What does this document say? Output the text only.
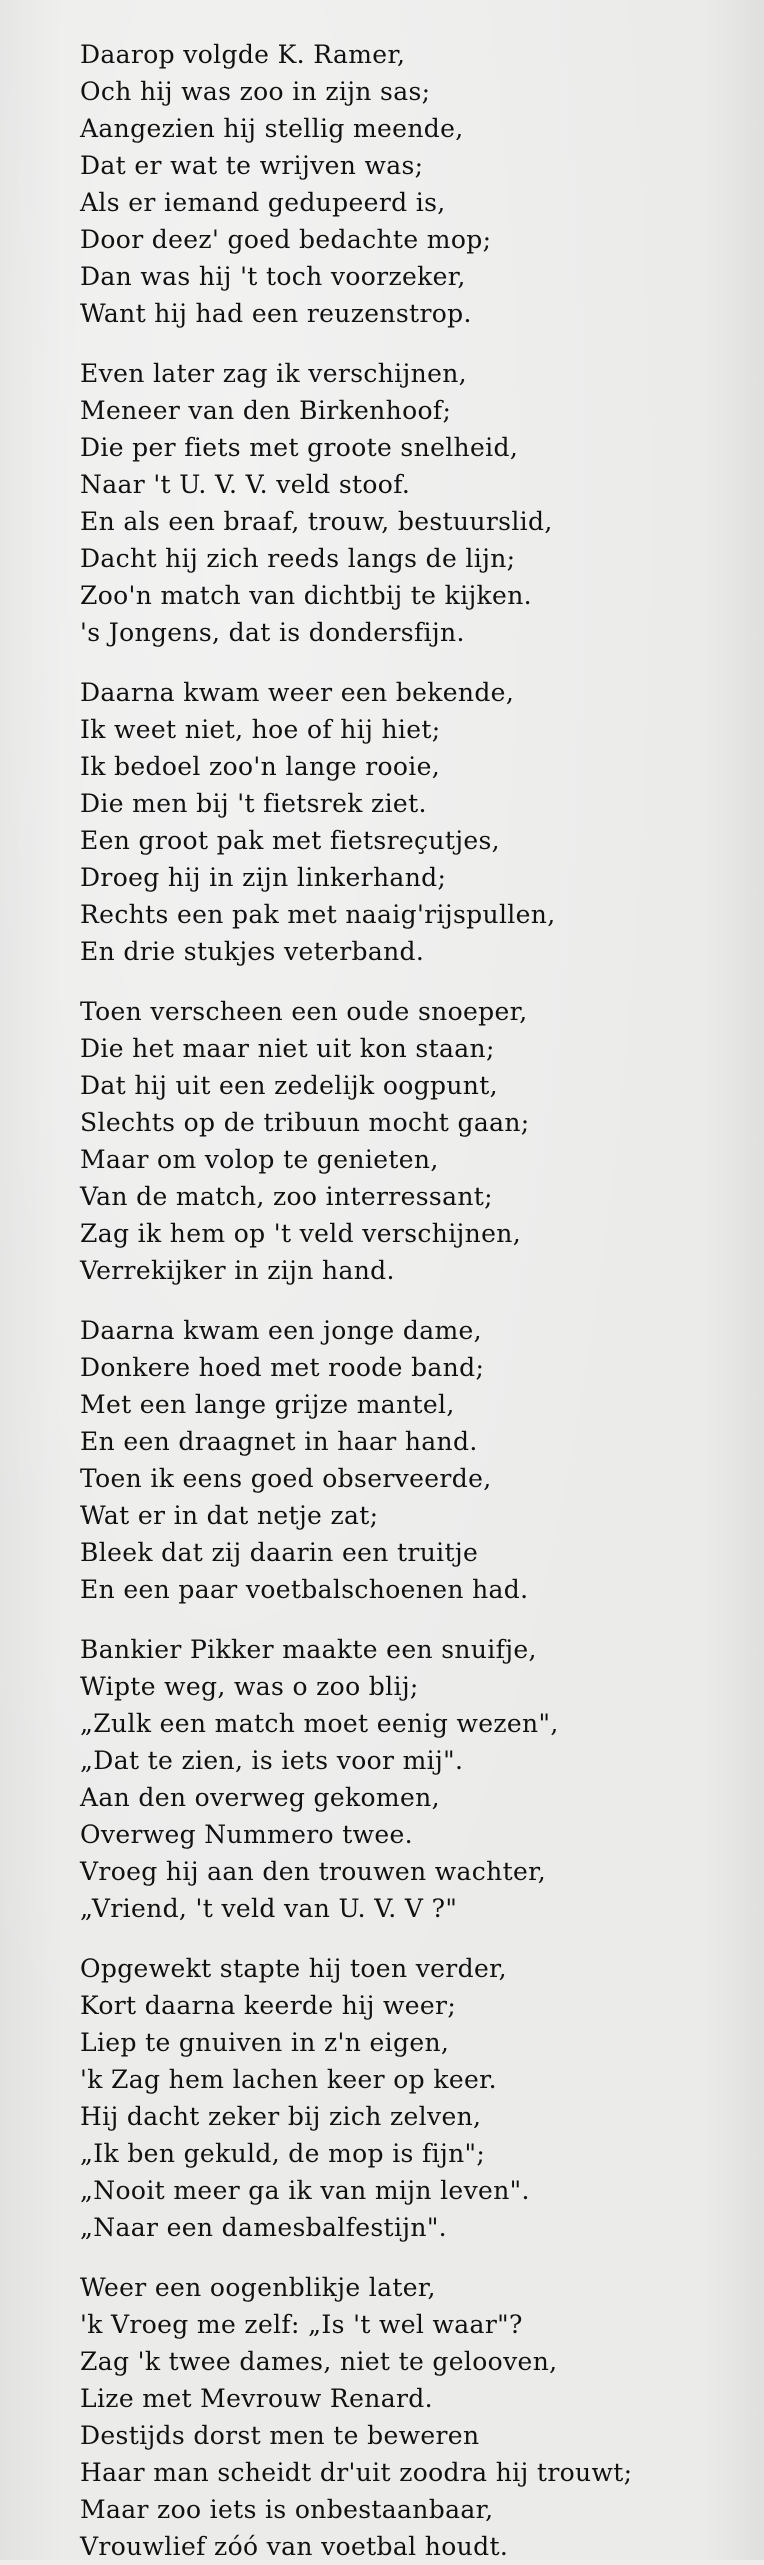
Daarop volgde K. Ramer,
Och hij was zoo in zijn sas;
Aangezien hij stellig meende,
Dat er wat te wrijven was;
Als er iemand gedupeerd is,
Door deez' goed bedachte mop;
Dan was hij 't toch voorzeker,
Want hij had een reuzenstrop.
Even later zag ik verschijnen,
Meneer van den Birkenhoof;
Die per fiets met groote snelheid,
Naar 't U. V. V. veld stoof.
En als een braaf, trouw, bestuurslid,
Dacht hij zich reeds langs de lijn;
Zoo'n match van dichtbij te kijken.
's Jongens, dat is dondersfijn.
Daarna kwam weer een bekende,
Ik weet niet, hoe of hij hiet;
Ik bedoel zoo'n lange rooie,
Die men bij 't fietsrek ziet.
Een groot pak met fietsreçutjes,
Droeg hij in zijn linkerhand;
Rechts een pak met naaig'rijspullen,
En drie stukjes veterband.
Toen verscheen een oude snoeper,
Die het maar niet uit kon staan;
Dat hij uit een zedelijk oogpunt,
Slechts op de tribuun mocht gaan;
Maar om volop te genieten,
Van de match, zoo interressant;
Zag ik hem op 't veld verschijnen,
Verrekijker in zijn hand.
Daarna kwam een jonge dame,
Donkere hoed met roode band;
Met een lange grijze mantel,
En een draagnet in haar hand.
Toen ik eens goed observeerde,
Wat er in dat netje zat;
Bleek dat zij daarin een truitje
En een paar voetbalschoenen had.
Bankier Pikker maakte een snuifje,
Wipte weg, was o zoo blij;
„Zulk een match moet eenig wezen",
„Dat te zien, is iets voor mij".
Aan den overweg gekomen,
Overweg Nummero twee.
Vroeg hij aan den trouwen wachter,
„Vriend, 't veld van U. V. V ?"
Opgewekt stapte hij toen verder,
Kort daarna keerde hij weer;
Liep te gnuiven in z'n eigen,
'k Zag hem lachen keer op keer.
Hij dacht zeker bij zich zelven,
„Ik ben gekuld, de mop is fijn";
„Nooit meer ga ik van mijn leven".
„Naar een damesbalfestijn".
Weer een oogenblikje later,
'k Vroeg me zelf: „Is 't wel waar"?
Zag 'k twee dames, niet te gelooven,
Lize met Mevrouw Renard.
Destijds dorst men te beweren
Haar man scheidt dr'uit zoodra hij trouwt;
Maar zoo iets is onbestaanbaar,
Vrouwlief zóó van voetbal houdt.
